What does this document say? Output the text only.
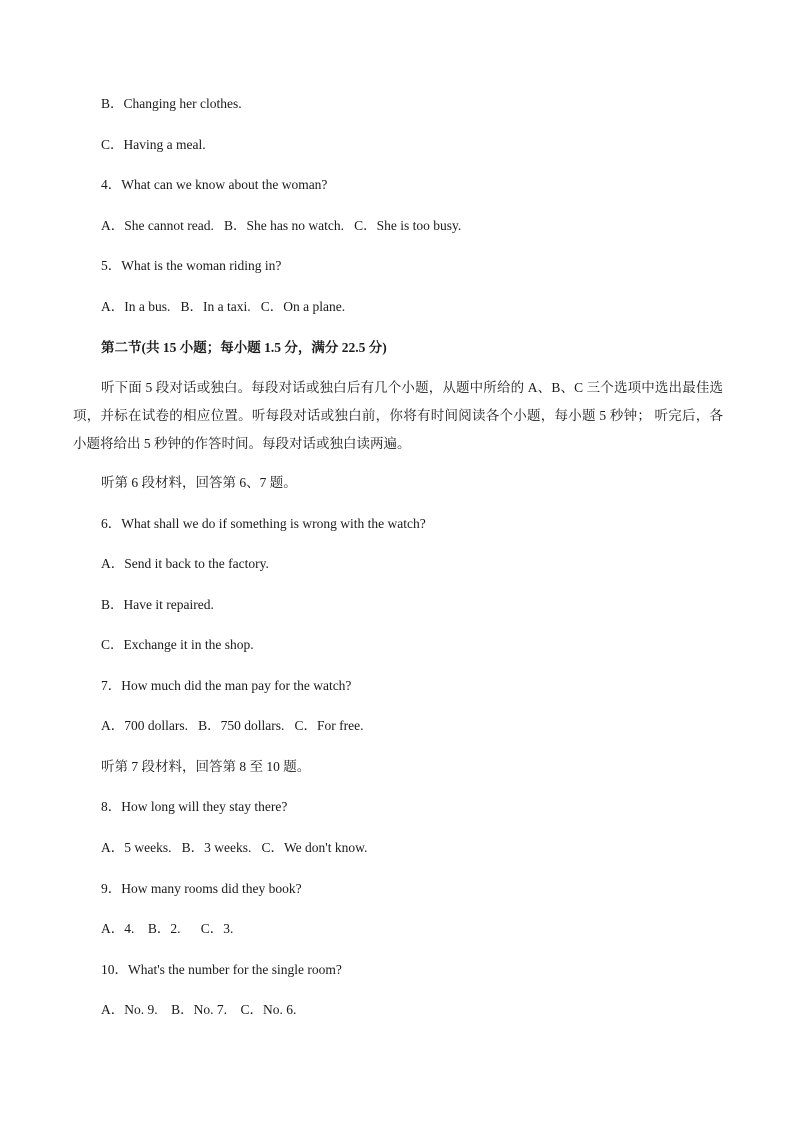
B．Changing her clothes.
C．Having a meal.
4．What can we know about the woman?
A．She cannot read.   B．She has no watch.   C．She is too busy.
5．What is the woman riding in?
A．In a bus.   B．In a taxi.   C．On a plane.
第二节(共 15 小题；每小题 1.5 分，满分 22.5 分)
听下面 5 段对话或独白。每段对话或独白后有几个小题，从题中所给的 A、B、C 三个选项中选出最佳选项，并标在试卷的相应位置。听每段对话或独白前，你将有时间阅读各个小题，每小题 5 秒钟； 听完后，各小题将给出 5 秒钟的作答时间。每段对话或独白读两遍。
听第 6 段材料，回答第 6、7 题。
6．What shall we do if something is wrong with the watch?
A．Send it back to the factory.
B．Have it repaired.
C．Exchange it in the shop.
7．How much did the man pay for the watch?
A．700 dollars.   B．750 dollars.   C．For free.
听第 7 段材料，回答第 8 至 10 题。
8．How long will they stay there?
A．5 weeks.   B．3 weeks.   C．We don't know.
9．How many rooms did they book?
A．4.    B．2.      C．3.
10．What's the number for the single room?
A．No. 9.    B．No. 7.    C．No. 6.
